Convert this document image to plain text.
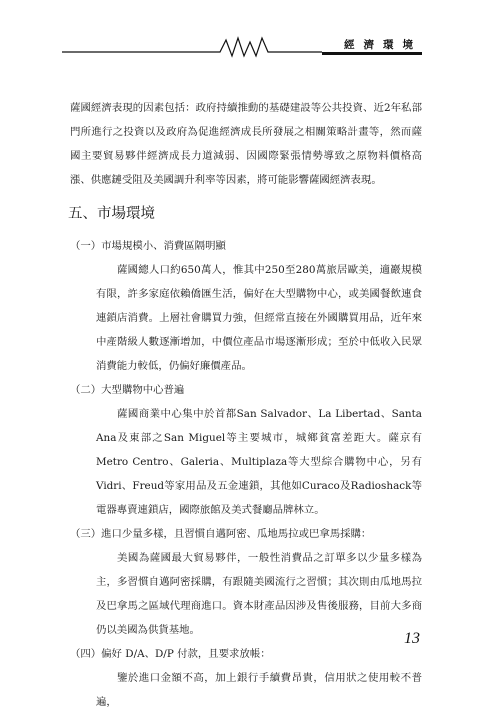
經濟環境

薩國經濟表現的因素包括：政府持續推動的基礎建設等公共投資、近2年私部門所進行之投資以及政府為促進經濟成長所發展之相關策略計畫等，然而薩國主要貿易夥伴經濟成長力道減弱、因國際緊張情勢導致之原物料價格高漲、供應鏈受阻及美國調升利率等因素，將可能影響薩國經濟表現。

五、市場環境
（一）市場規模小、消費區隔明顯

薩國總人口約650萬人，惟其中250至280萬旅居歐美，適巖規模有限，許多家庭依賴僑匯生活，偏好在大型購物中心，或美國餐飲連食連鎖店消費。上層社會購買力強，但經常直接在外國購買用品，近年來中產階級人數逐漸增加，中價位產品市場逐漸形成；至於中低收入民眾消費能力較低，仍偏好廉價產品。

（二）大型購物中心普遍

薩國商業中心集中於首都San Salvador、La Libertad、Santa Ana及東部之San Miguel等主要城市，城鄉貧富差距大。薩京有Metro Centro、Galeria、Multiplaza等大型綜合購物中心，另有Vidri、Freud等家用品及五金連鎖，其他如Curaco及Radioshack等電器專賣連鎖店，國際旅館及美式餐廳品牌林立。

（三）進口少量多樣，且習慣自邁阿密、瓜地馬拉或巴拿馬採購：

美國為薩國最大貿易夥伴，一般性消費品之訂單多以少量多樣為主，多習慣自邁阿密採購，有跟隨美國流行之習慣；其次則由瓜地馬拉及巴拿馬之區域代理商進口。資本財產品因涉及售後服務，目前大多商仍以美國為供貨基地。

（四）偏好 D/A、D/P 付款，且要求放帳：

鑒於進口金額不高，加上銀行手續費昂貴，信用狀之使用較不普遍，

13
